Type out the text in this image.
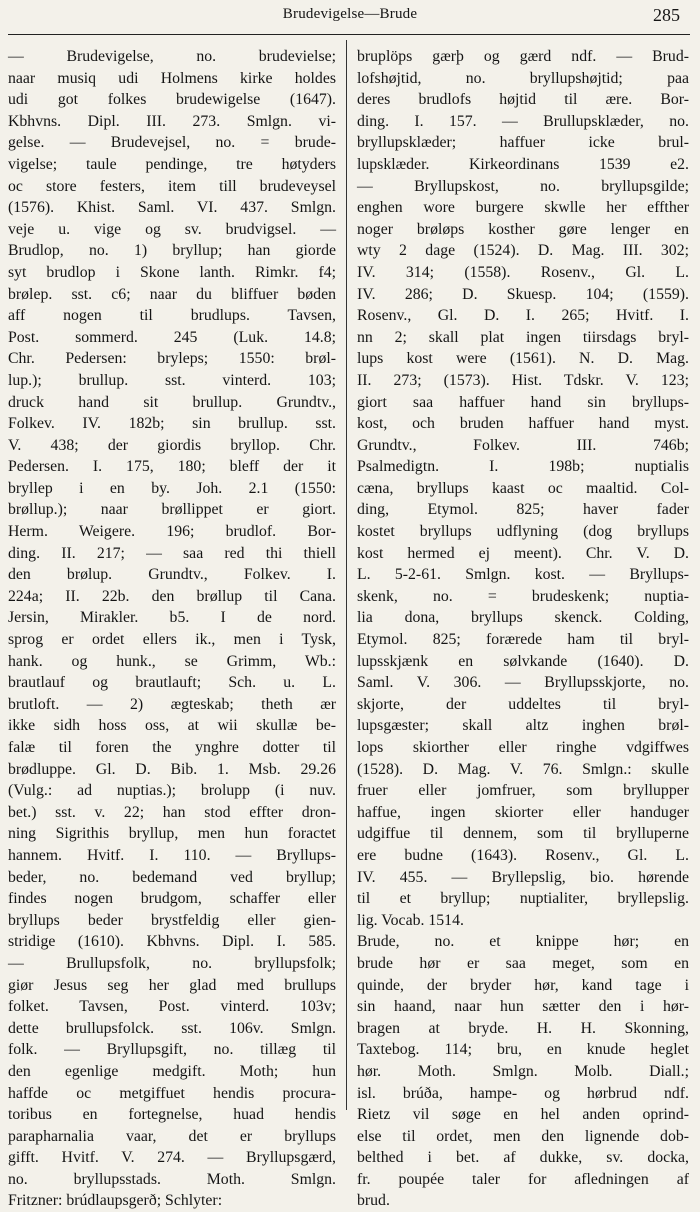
Brudevigelse—Brude	285
— Brudevigelse, no. brudevielse;
naar musiq udi Holmens kirke holdes
udi got folkes brudewigelse (1647).
Kbhvns. Dipl. III. 273. Smlgn. vi-
gelse. — Brudevejsel, no. = brude-
vigelse; taule pendinge, tre høtyders
oc store festers, item till brudeveysel
(1576). Khist. Saml. VI. 437. Smlgn.
veje u. vige og sv. brudvigsel. —
Brudlop, no. 1) bryllup; han giorde
syt brudlop i Skone lanth. Rimkr. f4;
brølep. sst. c6; naar du bliffuer bøden
aff nogen til brudlups. Tavsen,
Post. sommerd. 245 (Luk. 14.8;
Chr. Pedersen: bryleps; 1550: brøl-
lup.); brullup. sst. vinterd. 103;
druck hand sit brullup. Grundtv.,
Folkev. IV. 182b; sin brullup. sst.
V. 438; der giordis bryllop. Chr.
Pedersen. I. 175, 180; bleff der it
bryllep i en by. Joh. 2.1 (1550:
brøllup.); naar brøllippet er giort.
Herm. Weigere. 196; brudlof. Bor-
ding. II. 217; — saa red thi thiell
den brølup. Grundtv., Folkev. I.
224a; II. 22b. den brøllup til Cana.
Jersin, Mirakler. b5. I de nord.
sprog er ordet ellers ik., men i Tysk,
hank. og hunk., se Grimm, Wb.:
brautlauf og brautlauft; Sch. u. L.
brutloft. — 2) ægteskab; theth ær
ikke sidh hoss oss, at wii skullæ be-
falæ til foren the ynghre dotter til
brødluppe. Gl. D. Bib. 1. Msb. 29.26
(Vulg.: ad nuptias.); brolupp (i nuv.
bet.) sst. v. 22; han stod effter dron-
ning Sigrithis bryllup, men hun foractet
hannem. Hvitf. I. 110. — Bryllups-
beder, no. bedemand ved bryllup;
findes nogen brudgom, schaffer eller
bryllups beder brystfeldig eller gien-
stridige (1610). Kbhvns. Dipl. I. 585.
— Brullupsfolk, no. bryllupsfolk;
giør Jesus seg her glad med brullups
folket. Tavsen, Post. vinterd. 103v;
dette brullupsfolck. sst. 106v. Smlgn.
folk. — Bryllupsgift, no. tillæg til
den egenlige medgift. Moth; hun
haffde oc metgiffuet hendis procura-
toribus en fortegnelse, huad hendis
parapharnalia vaar, det er bryllups
gifft. Hvitf. V. 274. — Bryllupsgærd,
no. bryllupsstads. Moth. Smlgn.
Fritzner: brúdlaupsgerð; Schlyter:
bruplöps gærþ og gærd ndf. — Brud-
lofshøjtid, no. bryllupshøjtid; paa
deres brudlofs højtid til ære. Bor-
ding. I. 157. — Brullupsklæder, no.
bryllupsklæder; haffuer icke brul-
lupsklæder. Kirkeordinans 1539 e2.
— Bryllupskost, no. bryllupsgilde;
enghen wore burgere skwlle her effther
noger brøløps kosther gøre lenger en
wty 2 dage (1524). D. Mag. III. 302;
IV. 314; (1558). Rosenv., Gl. L.
IV. 286; D. Skuesp. 104; (1559).
Rosenv., Gl. D. I. 265; Hvitf. I.
nn 2; skall plat ingen tiirsdags bryl-
lups kost were (1561). N. D. Mag.
II. 273; (1573). Hist. Tdskr. V. 123;
giort saa haffuer hand sin bryllups-
kost, och bruden haffuer hand myst.
Grundtv., Folkev. III. 746b;
Psalmedigtn. I. 198b; nuptialis
cæna, bryllups kaast oc maaltid. Col-
ding, Etymol. 825; haver fader
kostet bryllups udflyning (dog bryllups
kost hermed ej meent). Chr. V. D.
L. 5-2-61. Smlgn. kost. — Bryllups-
skenk, no. = brudeskenk; nuptia-
lia dona, bryllups skenck. Colding,
Etymol. 825; forærede ham til bryl-
lupsskjænk en sølvkande (1640). D.
Saml. V. 306. — Bryllupsskjorte, no.
skjorte, der uddeltes til bryl-
lupsgæster; skall altz inghen brøl-
lops skiorther eller ringhe vdgiffwes
(1528). D. Mag. V. 76. Smlgn.: skulle
fruer eller jomfruer, som bryllupper
haffue, ingen skiorter eller handuger
udgiffue til dennem, som til brylluperne
ere budne (1643). Rosenv., Gl. L.
IV. 455. — Bryllepslig, bio. hørende
til et bryllup; nuptialiter, bryllepslig.
lig. Vocab. 1514.
Brude, no. et knippe hør; en
brude hør er saa meget, som en
quinde, der bryder hør, kand tage i
sin haand, naar hun sætter den i hør-
bragen at bryde. H. H. Skonning,
Taxtebog. 114; bru, en knude heglet
hør. Moth. Smlgn. Molb. Diall.;
isl. brúða, hampe- og hørbrud ndf.
Rietz vil søge en hel anden oprind-
else til ordet, men den lignende dob-
belthed i bet. af dukke, sv. docka,
fr. poupée taler for afledningen af
brud.
